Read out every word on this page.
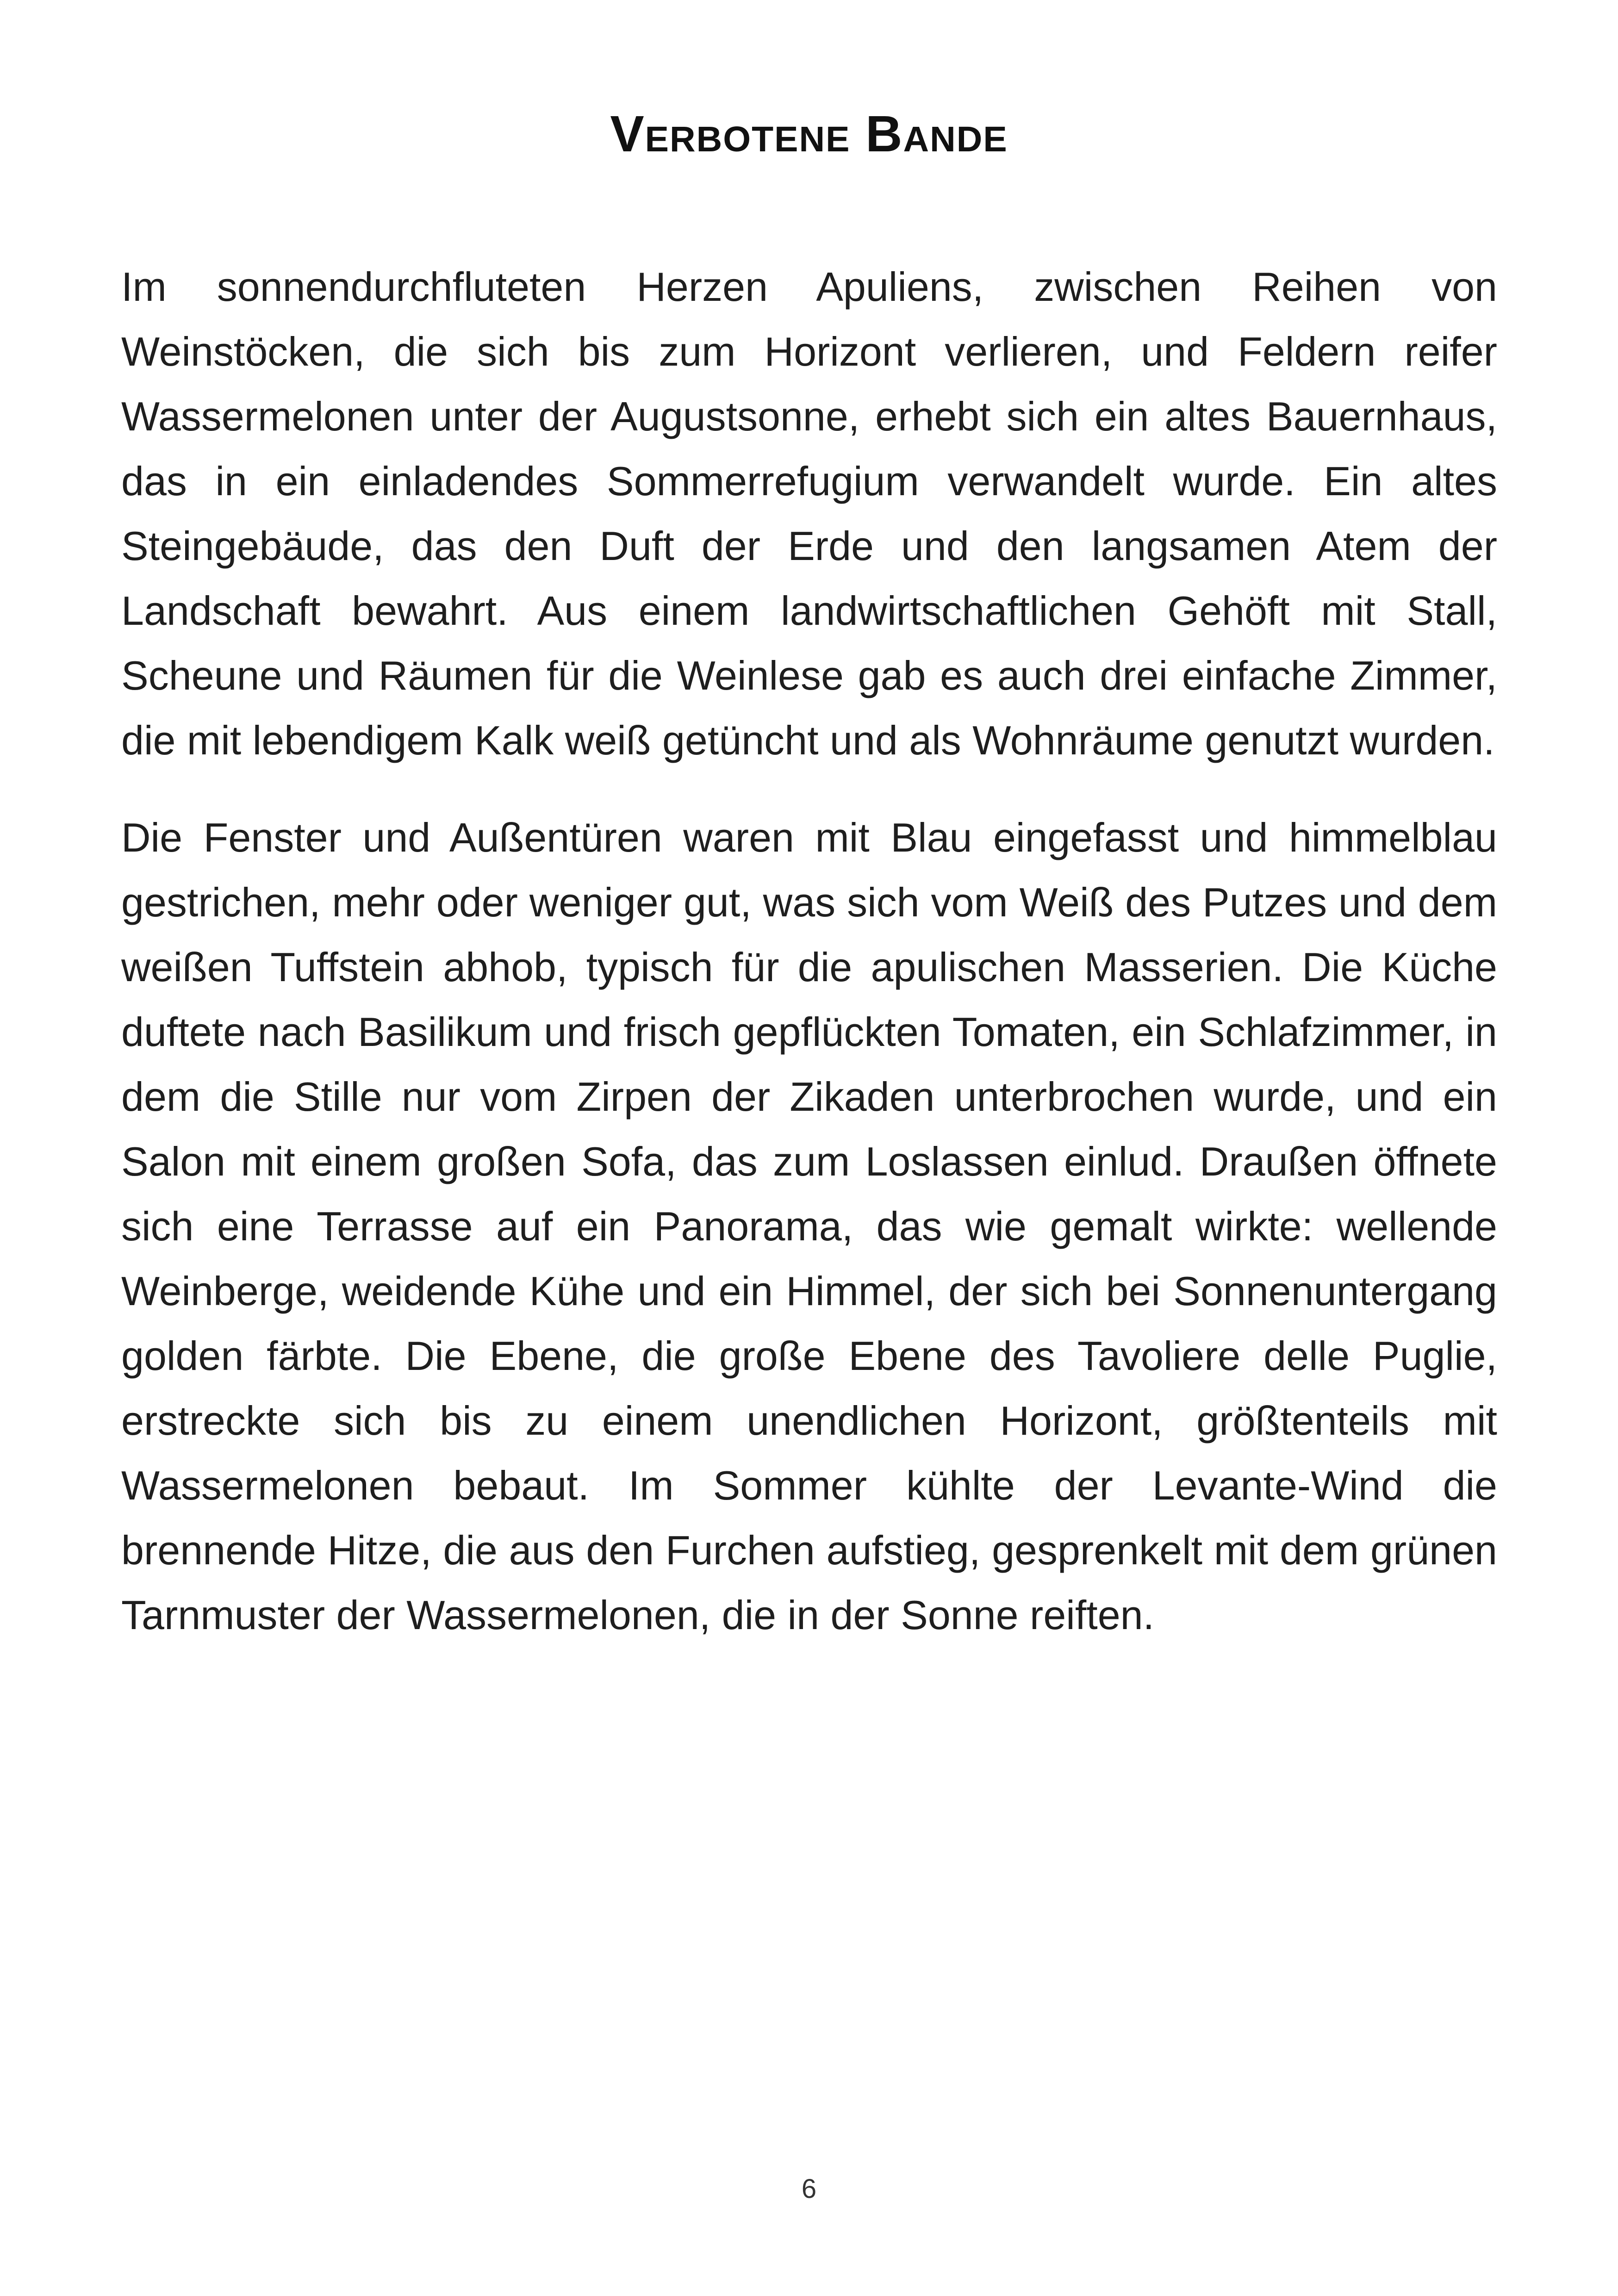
Verbotene Bande

Im sonnendurchfluteten Herzen Apuliens, zwischen Reihen von Weinstöcken, die sich bis zum Horizont verlieren, und Feldern reifer Wassermelonen unter der Augustsonne, erhebt sich ein altes Bauernhaus, das in ein einladendes Sommerrefugium verwandelt wurde. Ein altes Steingebäude, das den Duft der Erde und den langsamen Atem der Landschaft bewahrt. Aus einem landwirtschaftlichen Gehöft mit Stall, Scheune und Räumen für die Weinlese gab es auch drei einfache Zimmer, die mit lebendigem Kalk weiß getüncht und als Wohnräume genutzt wurden.

Die Fenster und Außentüren waren mit Blau eingefasst und himmelblau gestrichen, mehr oder weniger gut, was sich vom Weiß des Putzes und dem weißen Tuffstein abhob, typisch für die apulischen Masserien. Die Küche duftete nach Basilikum und frisch gepflückten Tomaten, ein Schlafzimmer, in dem die Stille nur vom Zirpen der Zikaden unterbrochen wurde, und ein Salon mit einem großen Sofa, das zum Loslassen einlud. Draußen öffnete sich eine Terrasse auf ein Panorama, das wie gemalt wirkte: wellende Weinberge, weidende Kühe und ein Himmel, der sich bei Sonnenuntergang golden färbte. Die Ebene, die große Ebene des Tavoliere delle Puglie, erstreckte sich bis zu einem unendlichen Horizont, größtenteils mit Wassermelonen bebaut. Im Sommer kühlte der Levante-Wind die brennende Hitze, die aus den Furchen aufstieg, gesprenkelt mit dem grünen Tarnmuster der Wassermelonen, die in der Sonne reiften.

6
